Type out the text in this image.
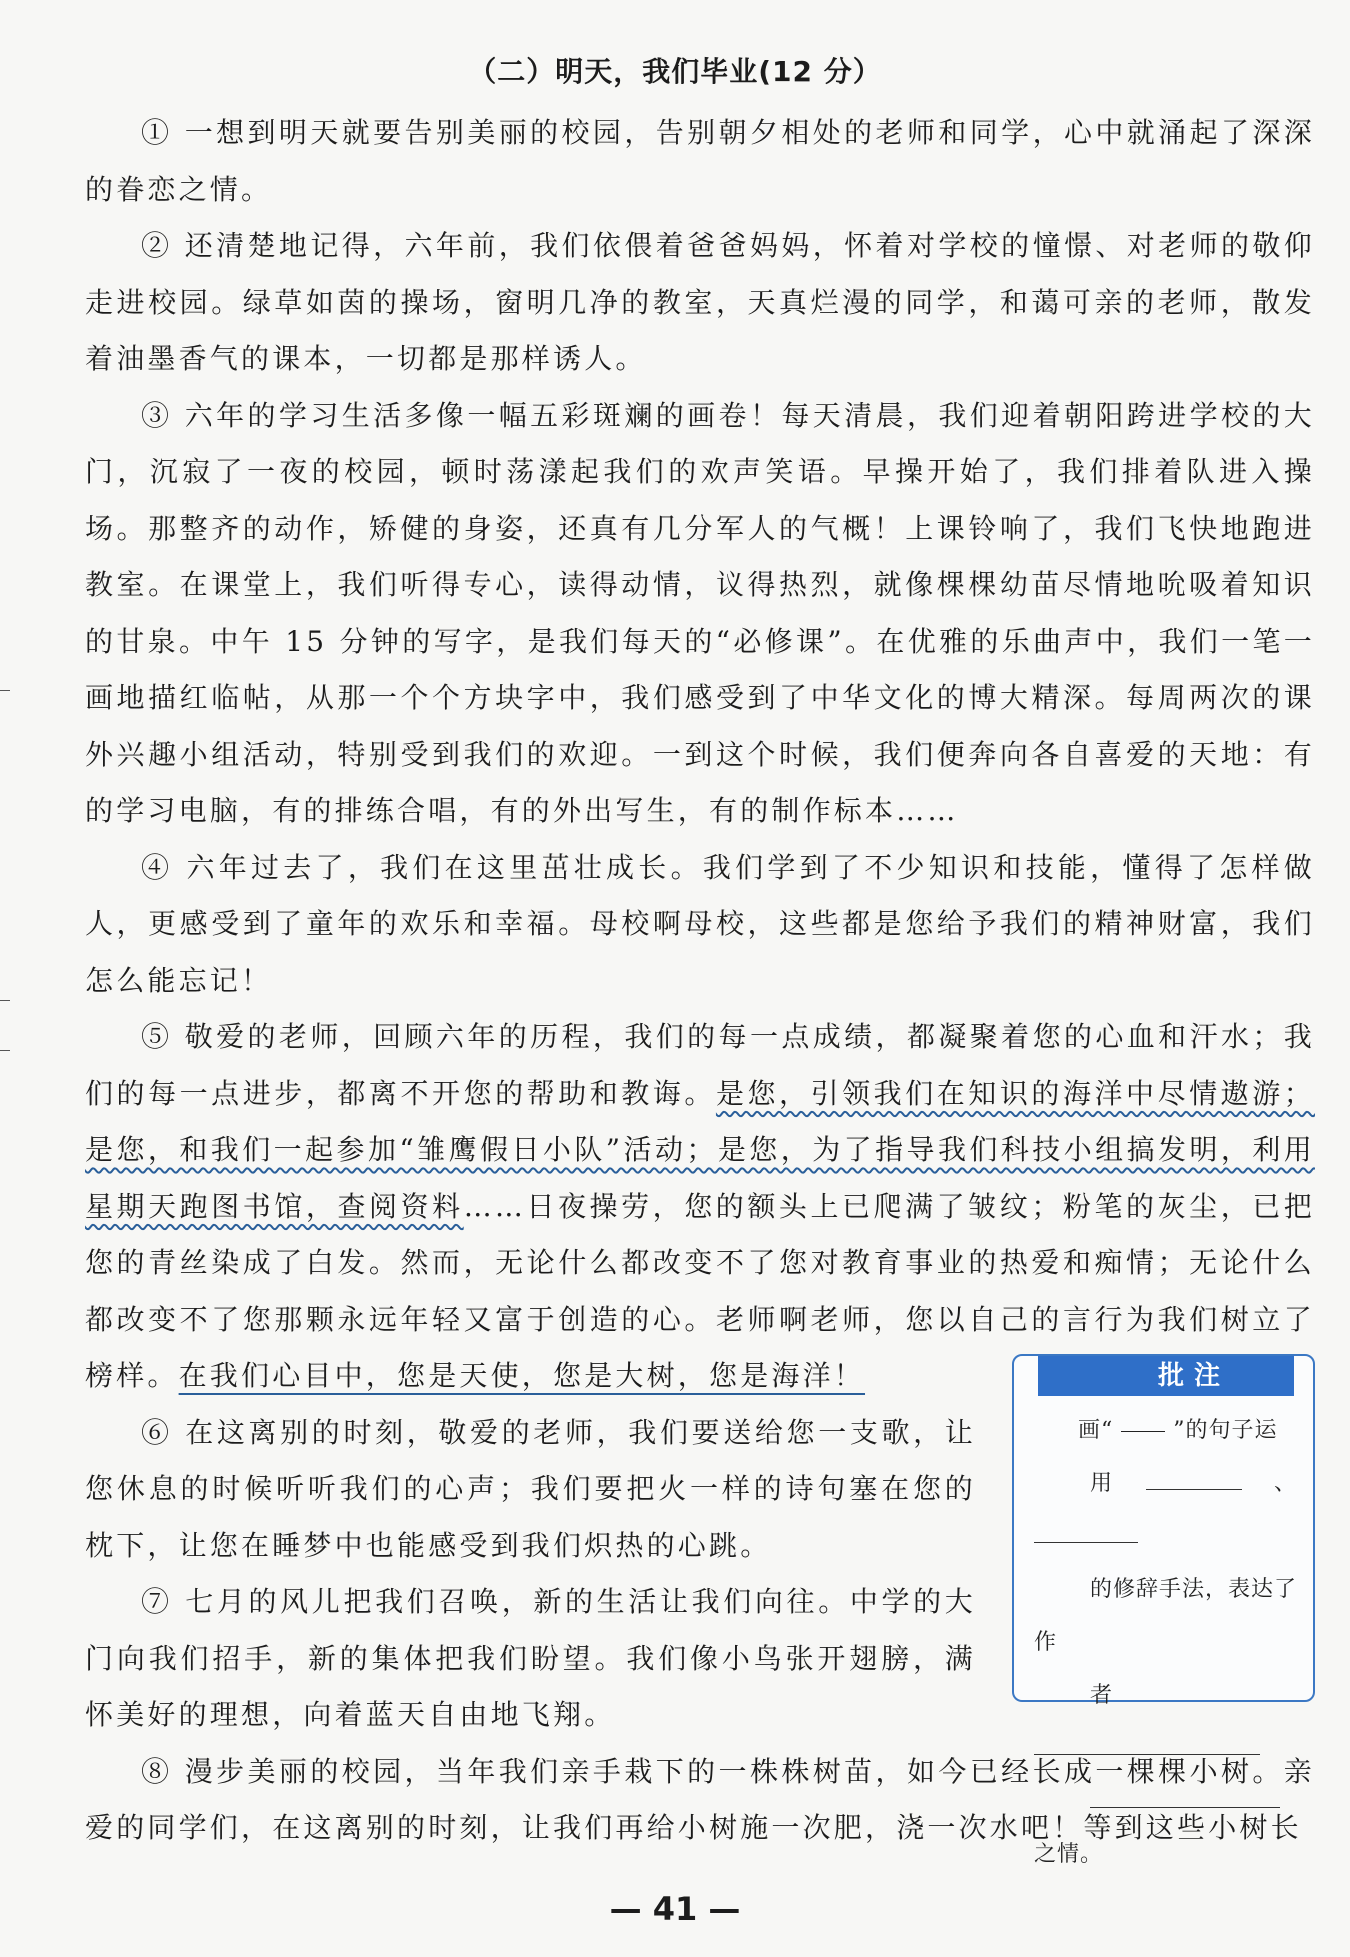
（二）明天，我们毕业(12 分）

① 一想到明天就要告别美丽的校园，告别朝夕相处的老师和同学，心中就涌起了深深的眷恋之情。

② 还清楚地记得，六年前，我们依偎着爸爸妈妈，怀着对学校的憧憬、对老师的敬仰走进校园。绿草如茵的操场，窗明几净的教室，天真烂漫的同学，和蔼可亲的老师，散发着油墨香气的课本，一切都是那样诱人。

③ 六年的学习生活多像一幅五彩斑斓的画卷！每天清晨，我们迎着朝阳跨进学校的大门，沉寂了一夜的校园，顿时荡漾起我们的欢声笑语。早操开始了，我们排着队进入操场。那整齐的动作，矫健的身姿，还真有几分军人的气概！上课铃响了，我们飞快地跑进教室。在课堂上，我们听得专心，读得动情，议得热烈，就像棵棵幼苗尽情地吮吸着知识的甘泉。中午 15 分钟的写字，是我们每天的“必修课”。在优雅的乐曲声中，我们一笔一画地描红临帖，从那一个个方块字中，我们感受到了中华文化的博大精深。每周两次的课外兴趣小组活动，特别受到我们的欢迎。一到这个时候，我们便奔向各自喜爱的天地：有的学习电脑，有的排练合唱，有的外出写生，有的制作标本……

④ 六年过去了，我们在这里茁壮成长。我们学到了不少知识和技能，懂得了怎样做人，更感受到了童年的欢乐和幸福。母校啊母校，这些都是您给予我们的精神财富，我们怎么能忘记！

⑤ 敬爱的老师，回顾六年的历程，我们的每一点成绩，都凝聚着您的心血和汗水；我们的每一点进步，都离不开您的帮助和教诲。是您，引领我们在知识的海洋中尽情遨游；是您，和我们一起参加“雏鹰假日小队”活动；是您，为了指导我们科技小组搞发明，利用星期天跑图书馆，查阅资料……日夜操劳，您的额头上已爬满了皱纹；粉笔的灰尘，已把您的青丝染成了白发。然而，无论什么都改变不了您对教育事业的热爱和痴情；无论什么都改变不了您那颗永远年轻又富于创造的心。老师啊老师，您以自己的言行为我们树立了榜样。	批注
画“	”的句子运
用	、
的修辞手法，表达了作
者
之情。
在我们心目中，您是天使，您是大树，您是海洋！

⑥ 在这离别的时刻，敬爱的老师，我们要送给您一支歌，让您休息的时候听听我们的心声；我们要把火一样的诗句塞在您的枕下，让您在睡梦中也能感受到我们炽热的心跳。

⑦ 七月的风儿把我们召唤，新的生活让我们向往。中学的大门向我们招手，新的集体把我们盼望。我们像小鸟张开翅膀，满怀美好的理想，向着蓝天自由地飞翔。

⑧ 漫步美丽的校园，当年我们亲手栽下的一株株树苗，如今已经长成一棵棵小树。亲爱的同学们，在这离别的时刻，让我们再给小树施一次肥，浇一次水吧！等到这些小树长

— 41 —
